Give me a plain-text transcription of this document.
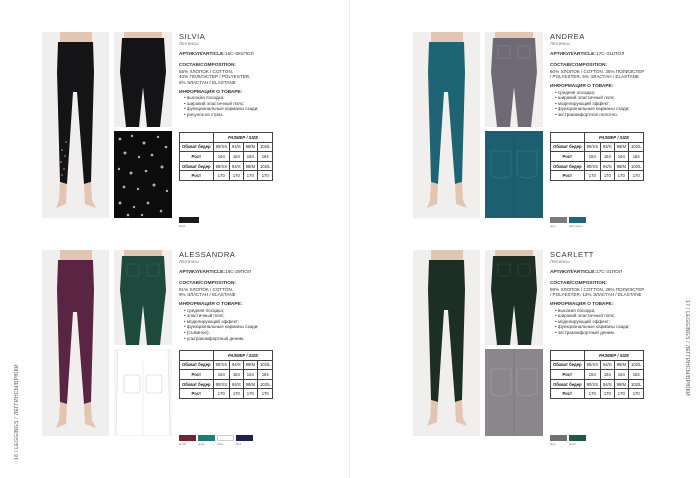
16 / LEGGINGS / ЛЕГГИНСЫ/БРЮКИ

SILVIA

Леггинсы

АРТИКУЛ/ARTICLE:16С-581ПОЛ

СОСТАВ/COMPOSITION:

55% ХЛОПОК / COTTON,

40% ПОЛИЭСТЕР / POLYESTER,

5% ЭЛАСТАН / ELASTANE

ИНФОРМАЦИЯ О ТОВАРЕ:

• высокая посадка;
• широкий эластичный пояс;
• функциональные карманы сзади;
• рисунок из страз.
	РАЗМЕР / SIZE			
Обхват бедер	90/XS	94/S	98/M	102/L
Рост	164	164	164	164
Обхват бедер	90/XS	94/S	98/M	102/L
Рост	170	170	170	170
black

ALESSANDRA

Леггинсы

АРТИКУЛ/ARTICLE:16С-29ПОЛ

СОСТАВ/COMPOSITION:

91% ХЛОПОК / COTTON,

9% ЭЛАСТАН / ELASTANE

ИНФОРМАЦИЯ О ТОВАРЕ:

• средняя посадка;
• эластичный пояс;
• моделирующий эффект;
• функциональные карманы сзади;
• (съёмное);
• ультракомфортный деним.
	РАЗМЕР / SIZE			
Обхват бедер	90/XS	94/S	98/M	102/L
Рост	164	164	164	164
Обхват бедер	90/XS	94/S	98/M	102/L
Рост	170	170	170	170
bordo	green	white	blue
17 / LEGGINGS / ЛЕГГИНСЫ/БРЮКИ

ANDREA

Леггинсы

АРТИКУЛ/ARTICLE:17С-311ПОЛ

СОСТАВ/COMPOSITION:

60% ХЛОПОК / COTTON, 35% ПОЛИЭСТЕР

/ POLYESTER, 5% ЭЛАСТАН / ELASTANE

ИНФОРМАЦИЯ О ТОВАРЕ:

• средняя посадка;
• широкий эластичный пояс;
• моделирующий эффект;
• функциональные карманы сзади;
• экстракомфортное полотно.
	РАЗМЕР / SIZE			
Обхват бедер	90/XS	94/S	98/M	102/L
Рост	164	164	164	164
Обхват бедер	90/XS	94/S	98/M	102/L
Рост	170	170	170	170
grey	dark green

SCARLETT

Леггинсы

АРТИКУЛ/ARTICLE:17С-31ПОЛ

СОСТАВ/COMPOSITION:

59% ХЛОПОК / COTTON, 28% ПОЛИЭСТЕР

/ POLYESTER, 13% ЭЛАСТАН / ELASTANE

ИНФОРМАЦИЯ О ТОВАРЕ:

• высокая посадка;
• широкий эластичный пояс;
• моделирующий эффект;
• функциональные карманы сзади;
• экстракомфортный деним.
	РАЗМЕР / SIZE			
Обхват бедер	90/XS	94/S	98/M	102/L
Рост	164	164	164	164
Обхват бедер	90/XS	94/S	98/M	102/L
Рост	170	170	170	170
grey	green
